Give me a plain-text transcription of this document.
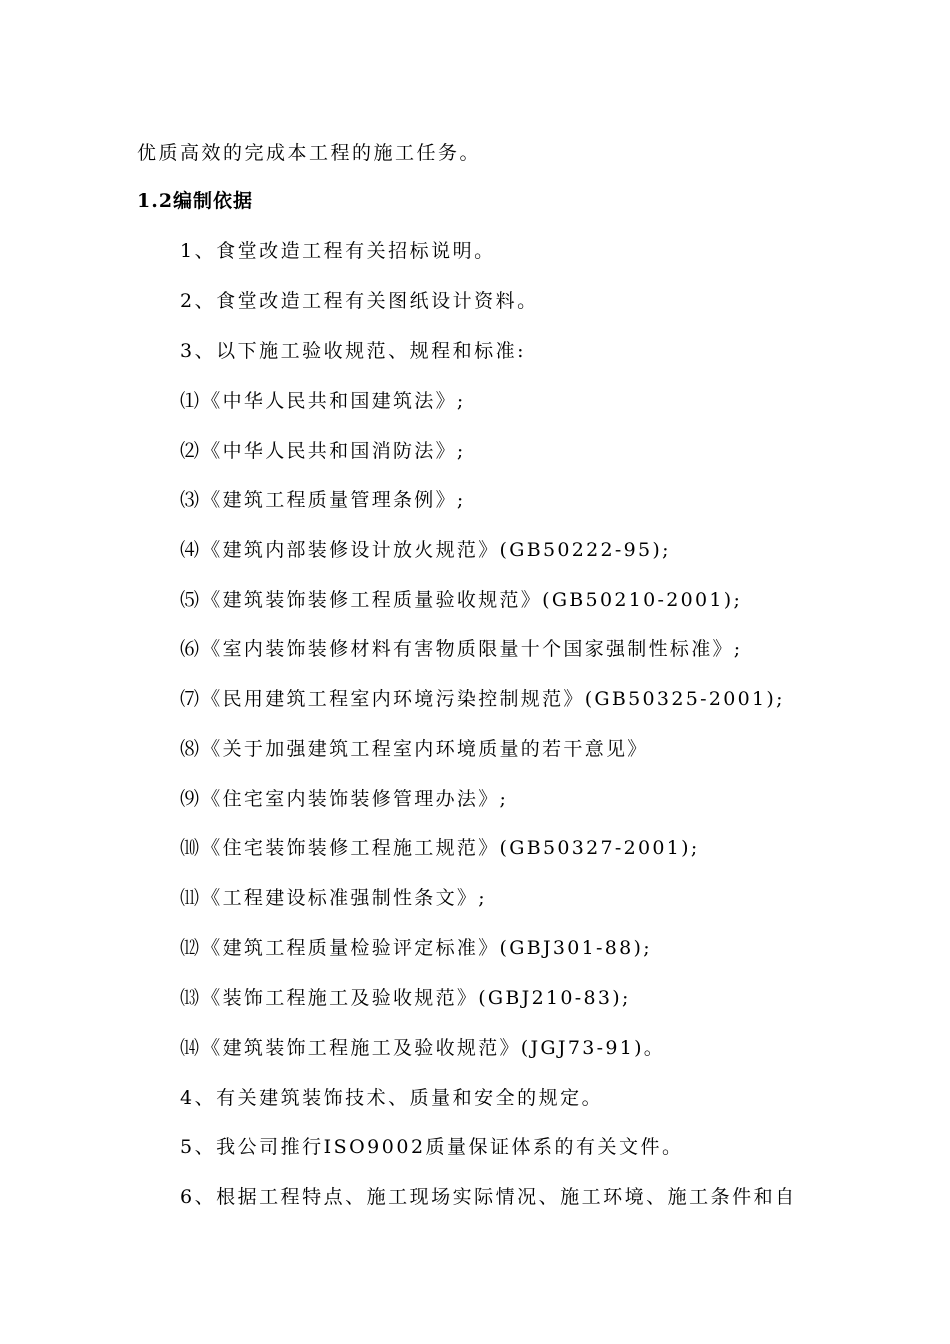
优质高效的完成本工程的施工任务。
1.2编制依据
1、食堂改造工程有关招标说明。
2、食堂改造工程有关图纸设计资料。
3、以下施工验收规范、规程和标准:
⑴《中华人民共和国建筑法》;
⑵《中华人民共和国消防法》;
⑶《建筑工程质量管理条例》;
⑷《建筑内部装修设计放火规范》(GB50222-95);
⑸《建筑装饰装修工程质量验收规范》(GB50210-2001);
⑹《室内装饰装修材料有害物质限量十个国家强制性标准》;
⑺《民用建筑工程室内环境污染控制规范》(GB50325-2001);
⑻《关于加强建筑工程室内环境质量的若干意见》
⑼《住宅室内装饰装修管理办法》;
⑽《住宅装饰装修工程施工规范》(GB50327-2001);
⑾《工程建设标准强制性条文》;
⑿《建筑工程质量检验评定标准》(GBJ301-88);
⒀《装饰工程施工及验收规范》(GBJ210-83);
⒁《建筑装饰工程施工及验收规范》(JGJ73-91)。
4、有关建筑装饰技术、质量和安全的规定。
5、我公司推行ISO9002质量保证体系的有关文件。
6、根据工程特点、施工现场实际情况、施工环境、施工条件和自
